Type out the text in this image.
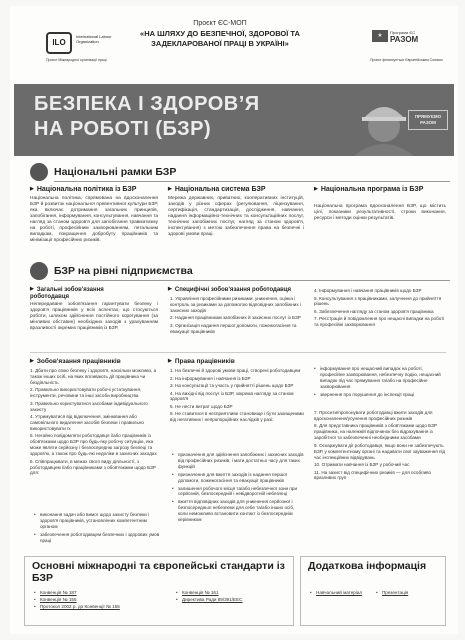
ILO
International Labour Organization
Проєкт Міжнародної організації праці
Проєкт ЄС-МОП
«НА ШЛЯХУ ДО БЕЗПЕЧНОЇ, ЗДОРОВОЇ ТА ЗАДЕКЛАРОВАНОЇ ПРАЦІ В УКРАЇНІ»
★
Програма ЄС
РАЗОМ
Проєкт фінансується Європейським Союзом
БЕЗПЕКА І ЗДОРОВ’Я
НА РОБОТІ (БЗР)
ПРЯМУЄМО РАЗОМ
Національні рамки БЗР
▶ Національна політика із БЗР
Національна політика, спрямована на вдосконалення БЗР й розвиток національної превентивної культури БЗР, яка включає дотримання загальних принципів, запобігання, інформування, консультування, навчання та нагляд за станом здоров'я для запобігання травматизму на роботі, професійним захворюванням, летальним випадкам, покращення добробуту працівників та мінімізації професійних ризиків.
▶ Національна система БЗР
Мережа державних, приватних, кооперативних інституцій, заходів у різних сферах (регулювання, ліцензування, сертифікація, стандартизація, дослідження, навчання, надання інформаційно-технічних та консультаційних послуг, технічних запобіжних послуг, нагляд за станом здоров'я, інспектування) з метою забезпечення права на безпечні і здорові умови праці.
▶ Національна програма із БЗР
Національна програма вдосконалення БЗР, що містить цілі, показники результативності, строки виконання, ресурси і методи оцінки результатів.
БЗР на рівні підприємства
▶ Загальні зобов'язання роботодавця
Непередаване зобов'язання гарантувати безпеку і здоров'я працівників у всіх аспектах, що стосуються роботи, шляхом здійснення постійного корегування (за мінливих обставин) необхідних заходів з урахуванням вразливості окремих працівників із БЗР.
▶ Специфічні зобов'язання роботодавця
1. Управління професійними ризиками: уникнення, оцінка і контроль за ризиками за допомогою відповідних запобіжних і захисних заходів
2. Надання працівникам запобіжних й захисних послуг із БЗР
3. Організація надання першої допомоги, пожежогасіння та евакуації працівників
4. Інформування і навчання працівників щодо БЗР
5. Консультування з працівниками, залучення до прийняття рішень
6. Забезпечення нагляду за станом здоров'я працівника
7. Реєстрація й повідомлення про нещасні випадки на роботі та професійні захворювання
▶ Зобов'язання працівників
1. Дбати про свою безпеку і здоров'я, наскільки можливо, а також інших осіб, на яких впливають дії працівника чи бездіяльність
2. Правильно використовувати робочі устаткування, інструменти, речовини та інші засоби виробництва
3. Правильно користуватися засобами індивідуального захисту
4. Утримуватися від відключення, змінювання або самовільного видалення засобів безпеки і правильно використовувати їх
5. Негайно повідомляти роботодавця і/або працівників із обов'язками щодо БЗР про будь-яку робочу ситуацію, яка може являти серйозну і безпосередню загрозу безпеці та здоров'ю, а також про будь-які недоліки в захисних заходах
6. Співпрацювати, в межах свого виду діяльності, з роботодавцем і/або працівниками з обов'язками щодо БЗР для:
• виконання задач або вимог щодо захисту безпеки і здоров'я працівників, установлених компетентним органом
• забезпечення роботодавцем безпечних і здорових умов праці
▶ Права працівників
1. На безпечні й здорові умови праці, створені роботодавцем
2. На інформування і навчання із БЗР
3. На консультації та участь у прийнятті рішень щодо БЗР
4. На вихідні від послуг із БЗР, зокрема нагляду за станом здоров'я
5. Не нести витрат щодо БЗР
6. Не ставитися в несприятливе становище і бути захищеними від негативних і непропорційних наслідків у разі:
• призначення для здійснення запобіжних і захисних заходів від професійних ризиків, і мати достатньо часу для таких функцій
• призначення для вжиття заходів із надання першої допомоги, пожежогасіння та евакуації працівників
• залишення робочого місця та/або небезпечної зони при серйозній, безпосередній і невідворотній небезпеці
• вжиття відповідних заходів для уникнення серйозної і безпосередньої небезпеки для себе та/або інших осіб, коли неможливо встановити контакт із безпосереднім керівником
• інформування про нещасний випадок на роботі, професійне захворювання, небезпечну подію, нещасний випадок під час прямування та/або на професійне захворювання
• звернення про порушення до інспекції праці
7. Просити/пропонувати роботодавці вжити заходів для вдосконалення/усунення професійних ризиків
8. Для представника працівників з обов'язками щодо БЗР працівника, на належній відпочинок без відрахування із заробітної та забезпеченні необхідними засобами
9. Оскаржувати дії роботодавця, якщо вони не забезпечують БЗР, у компетентному органі та надавати свої зауваження під час інспекційних відвідувань
10. Отримати навчання із БЗР у робочий час
11. На захист від специфічних ризиків — для особливо вразливих груп
Основні міжнародні та європейські стандарти із БЗР
• Конвенція № 187
• Конвенція № 155
• Протокол 2002 р. до Конвенції № 155
• Конвенція № 161
• Директива Ради 89/391/ЕЕС
Додаткова інформація
• Навчальний матеріал
•	Презентація
